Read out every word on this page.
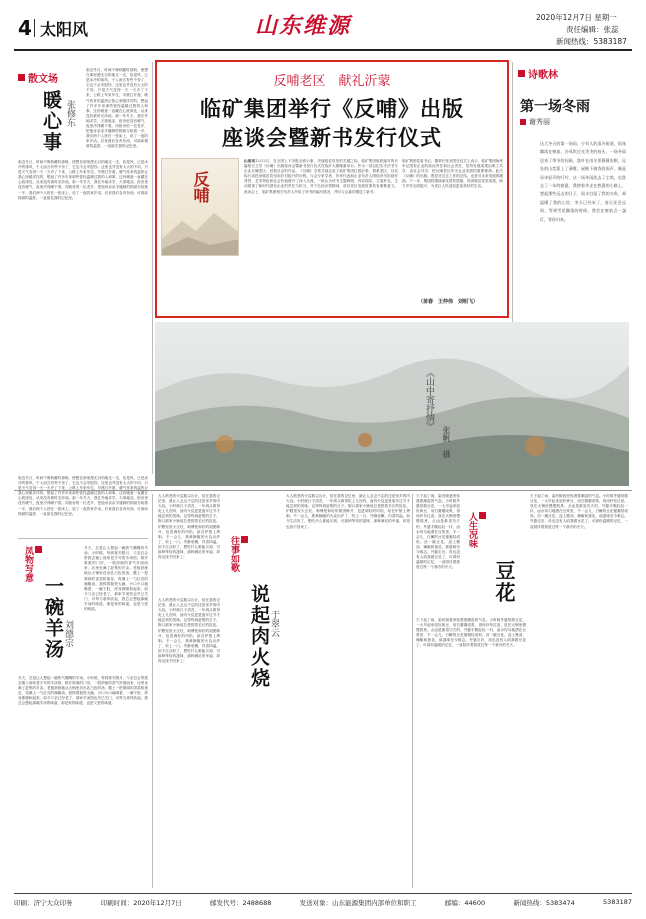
4 太阳风	山东维源	2020年12月7日 星期一
责任编辑：张蕊
新闻热线：5383187
散文场
暖心事 张修东
临近冬日，时间不像秋藏时那般，使想在那里漫无目的地走一走，恰是风，已是冰冷的寒风，于人而言有些不舍了，它也不会安慰你。这里也并没有太大的不同，只是天气变得一天一天冷了下来，公路上车来车往，早晨打开窗，暖气传来的温热让我心里暖洋洋的，想起了许多年来那些曾经温暖过我的人和事，这份暖意一直藏在心底深处，从来没有被时光冲淡。那一年冬天，我在外地求学，天寒地冻，宿舍里没有暖气，夜里冷得睡不着。同宿舍的一位老乡，把他母亲亲手缝制的棉被分给我一半，我们两个人挤在一张床上，说了一夜的家乡话。后来我们各奔东西，可那床棉被的温度，一直留在我的记忆里。
临近冬日，时间不像秋藏时那般，使想在那里漫无目的地走一走，恰是风，已是冰冷的寒风，于人而言有些不舍了，它也不会安慰你。这里也并没有太大的不同，只是天气变得一天一天冷了下来，公路上车来车往，早晨打开窗，暖气传来的温热让我心里暖洋洋的，想起了许多年来那些曾经温暖过我的人和事，这份暖意一直藏在心底深处，从来没有被时光冲淡。那一年冬天，我在外地求学，天寒地冻，宿舍里没有暖气，夜里冷得睡不着。同宿舍的一位老乡，把他母亲亲手缝制的棉被分给我一半，我们两个人挤在一张床上，说了一夜的家乡话。后来我们各奔东西，可那床棉被的温度，一直留在我的记忆里。
反哺老区　献礼沂蒙
临矿集团举行《反哺》出版
座谈会暨新书发行仪式
反哺
山岚讯12月2日，在全国上下决胜全面小康、决战脱贫攻坚的关键之际，临矿集团组织编写的长篇报告文学《反哺》出版座谈会暨新书发行仪式在临矿大厦隆重举行。作为一部以纪实手法书写企业反哺老区、回报社会的作品，《反哺》全景式地记录了临矿集团扎根沂蒙、情系老区，以实际行动投身脱贫攻坚和乡村振兴的历程。与会专家学者、作家代表和企业负责人围绕该书的创作背景、艺术特色和社会价值展开了深入交流，一致认为该书主题鲜明、内容翔实、文笔朴实，生动展现了新时代国有企业的责任与担当，对于弘扬沂蒙精神、讲好老区发展故事具有重要意义。座谈会上，临矿集团相关负责人介绍了该书的编写情况，并向与会嘉宾赠送了新书。
临矿集团党委书记、董事长张圣国在仪式上表示，临矿集团始终牢记国有企业的政治责任和社会责任，坚持发展成果由职工共享、由社会共享，把反哺老区作为企业发展的重要使命。此次《反哺》的出版，既是对过去工作的总结，也是对未来发展的激励。下一步，集团将继续深化帮扶措施，巩固脱贫攻坚成果，助力乡村全面振兴，为老区人民创造更加美好的生活。
（苗春　王仲伟　刘明飞）
诗歌林
第一场冬雨
谢秀丽
这大冬天的第一场雨，少有人的清冷街道，雨丝飘落在窗前，冷风吹过光秃秃的枝头，一场冬雨送来了季节的问候，落叶在雨水里静静安眠，远处的山峦蒙上了薄雾，屋檐下滴答的雨声，像是母亲轻声的叮咛，这一场冬雨洗去了尘埃，也洗去了一年的疲惫，我撑着伞走在熟悉的小路上，想起那些远去的日子，雨水打湿了我的衣角，却温暖了我的心房，冬天已经来了，春天还会远吗，等到雪花飘落的时候，我会在窗前点一盏灯，等你归来。
《山中寄抒情》
张帆　摄
临近冬日，时间不像秋藏时那般，使想在那里漫无目的地走一走，恰是风，已是冰冷的寒风，于人而言有些不舍了，它也不会安慰你。这里也并没有太大的不同，只是天气变得一天一天冷了下来，公路上车来车往，早晨打开窗，暖气传来的温热让我心里暖洋洋的，想起了许多年来那些曾经温暖过我的人和事，这份暖意一直藏在心底深处，从来没有被时光冲淡。那一年冬天，我在外地求学，天寒地冻，宿舍里没有暖气，夜里冷得睡不着。同宿舍的一位老乡，把他母亲亲手缝制的棉被分给我一半，我们两个人挤在一张床上，说了一夜的家乡话。后来我们各奔东西，可那床棉被的温度，一直留在我的记忆里。
凤物写意
一碗羊汤 刘德宗
冬天，总是让人想起一碗热气腾腾的羊汤。小时候，每到寒冬腊月，父亲总会带我去镇上那家老字号的羊汤馆。推开厚重的门帘，一股浓郁的香气扑面而来，店里坐满了赶集的乡亲。老板熟练地从大锅里舀出乳白色的汤，撒上一把翠绿的香菜和葱花，再淋上一勺红亮的辣椒油。我捧着粗瓷大碗，小口小口地喝着，一碗下肚，浑身都暖和起来。如今父亲已经老了，那家羊汤馆也早已关门，可每当寒风吹起，我总会想起那碗羊汤的味道，那是家的味道，也是父爱的味道。
冬天，总是让人想起一碗热气腾腾的羊汤。小时候，每到寒冬腊月，父亲总会带我去镇上那家老字号的羊汤馆。推开厚重的门帘，一股浓郁的香气扑面而来，店里坐满了赶集的乡亲。老板熟练地从大锅里舀出乳白色的汤，撒上一把翠绿的香菜和葱花，再淋上一勺红亮的辣椒油。我捧着粗瓷大碗，小口小口地喝着，一碗下肚，浑身都暖和起来。如今父亲已经老了，那家羊汤馆也早已关门，可每当寒风吹起，我总会想起那碗羊汤的味道，那是家的味道，也是父爱的味道。
大人熟悉的火烧数以百计，但在我的记忆里，最让人念念不忘的还是家乡的肉火烧。小时候日子清苦，一年到头难得吃上几回肉，而肉火烧更是逢年过节才能尝到的美味。记得每到赶集的日子，街口那家小铺前总是排着长长的队伍，炉膛里炭火正旺，师傅把和好的面团擀开，包进调好的肉馅，贴在炉壁上烤制。不一会儿，焦黄酥脆的火烧出炉了，咬上一口，外酥里嫩，肉香四溢。如今生活好了，想吃什么都能买到，可那种等待的滋味、那种满足的幸福，却再也找不回来了。	往事如歌
说起肉火烧 于翠云
大人熟悉的火烧数以百计，但在我的记忆里，最让人念念不忘的还是家乡的肉火烧。小时候日子清苦，一年到头难得吃上几回肉，而肉火烧更是逢年过节才能尝到的美味。记得每到赶集的日子，街口那家小铺前总是排着长长的队伍，炉膛里炭火正旺，师傅把和好的面团擀开，包进调好的肉馅，贴在炉壁上烤制。不一会儿，焦黄酥脆的火烧出炉了，咬上一口，外酥里嫩，肉香四溢。如今生活好了，想吃什么都能买到，可那种等待的滋味、那种满足的幸福，却再也找不回来了。
大人熟悉的火烧数以百计，但在我的记忆里，最让人念念不忘的还是家乡的肉火烧。小时候日子清苦，一年到头难得吃上几回肉，而肉火烧更是逢年过节才能尝到的美味。记得每到赶集的日子，街口那家小铺前总是排着长长的队伍，炉膛里炭火正旺，师傅把和好的面团擀开，包进调好的肉馅，贴在炉壁上烤制。不一会儿，焦黄酥脆的火烧出炉了，咬上一口，外酥里嫩，肉香四溢。如今生活好了，想吃什么都能买到，可那种等待的滋味、那种满足的幸福，却再也找不回来了。
天下起了雨，索河街巷里弥漫着潮湿的气息。小时候外婆常做豆花，一大早起来泡好黄豆，用石磨磨成浆，再用纱布过滤，放在大锅里慢慢熬煮。点卤是最见功夫的，外婆手腕轻轻一抖，卤水均匀地洒在豆浆里，不一会儿，白嫩的豆花便凝结成形。舀一碗豆花，浇上酱油、辣椒和葱花，那滋味至今难忘。外婆走后，再也没有人给我做豆花了，可那份温暖的记忆，一直陪伴着我度过每一个寒冷的冬天。
人生况味
豆花
天下起了雨，索河街巷里弥漫着潮湿的气息。小时候外婆常做豆花，一大早起来泡好黄豆，用石磨磨成浆，再用纱布过滤，放在大锅里慢慢熬煮。点卤是最见功夫的，外婆手腕轻轻一抖，卤水均匀地洒在豆浆里，不一会儿，白嫩的豆花便凝结成形。舀一碗豆花，浇上酱油、辣椒和葱花，那滋味至今难忘。外婆走后，再也没有人给我做豆花了，可那份温暖的记忆，一直陪伴着我度过每一个寒冷的冬天。
天下起了雨，索河街巷里弥漫着潮湿的气息。小时候外婆常做豆花，一大早起来泡好黄豆，用石磨磨成浆，再用纱布过滤，放在大锅里慢慢熬煮。点卤是最见功夫的，外婆手腕轻轻一抖，卤水均匀地洒在豆浆里，不一会儿，白嫩的豆花便凝结成形。舀一碗豆花，浇上酱油、辣椒和葱花，那滋味至今难忘。外婆走后，再也没有人给我做豆花了，可那份温暖的记忆，一直陪伴着我度过每一个寒冷的冬天。
印刷：济宁大众印务	印刷时间：2020年12月7日	邮发代号：2488688	发送对象：山东能源集团内部单位和职工	邮编：44600	新闻热线：5383474	5383187
